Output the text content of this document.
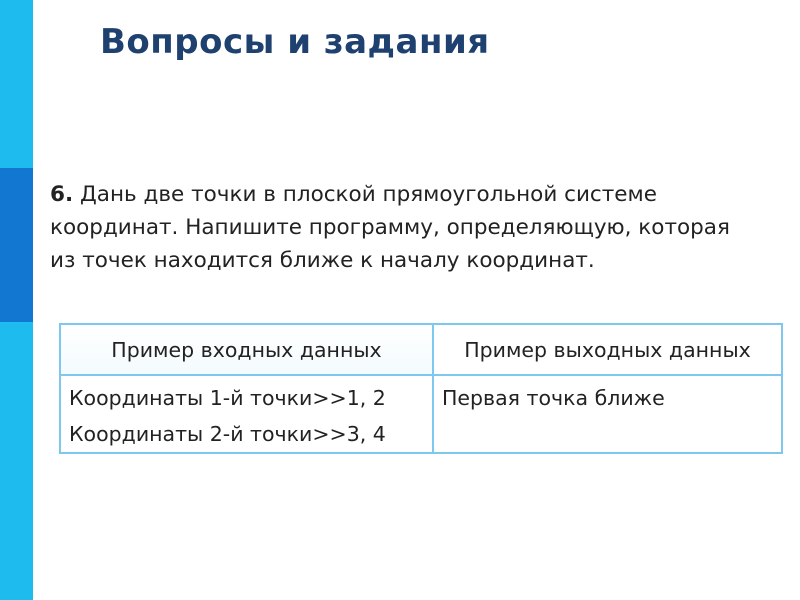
Вопросы и задания

6. Дань две точки в плоской прямоугольной системе координат. Напишите программу, определяющую, которая из точек находится ближе к началу координат.

Пример входных данных	Пример выходных данных

Координаты 1-й точки>>1, 2
Координаты 2-й точки>>3, 4	Первая точка ближе
